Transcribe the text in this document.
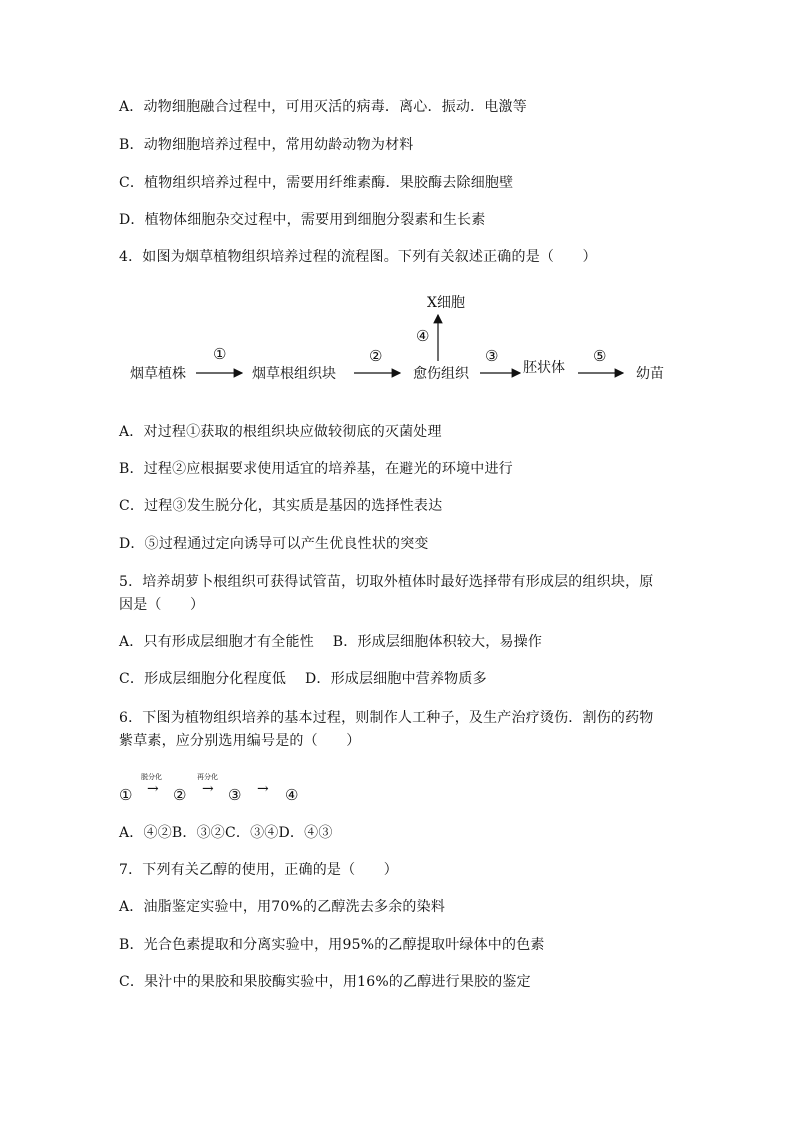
A．动物细胞融合过程中，可用灭活的病毒．离心．振动．电激等
B．动物细胞培养过程中，常用幼龄动物为材料
C．植物组织培养过程中，需要用纤维素酶．果胶酶去除细胞壁
D．植物体细胞杂交过程中，需要用到细胞分裂素和生长素
4．如图为烟草植物组织培养过程的流程图。下列有关叙述正确的是（　　）
烟草植株	烟草根组织块	愈伤组织	胚状体	幼苗
X细胞
①	②	③
④
⑤
A．对过程①获取的根组织块应做较彻底的灭菌处理
B．过程②应根据要求使用适宜的培养基，在避光的环境中进行
C．过程③发生脱分化，其实质是基因的选择性表达
D．⑤过程通过定向诱导可以产生优良性状的突变
5．培养胡萝卜根组织可获得试管苗，切取外植体时最好选择带有形成层的组织块，原
因是（　　）
A．只有形成层细胞才有全能性　 B．形成层细胞体积较大，易操作
C．形成层细胞分化程度低　 D．形成层细胞中营养物质多
6．下图为植物组织培养的基本过程，则制作人工种子，及生产治疗烫伤．割伤的药物
紫草素，应分别选用编号是的（　　）
脱分化	再分化
① → ② → ③ → ④
A．④②B．③②C．③④D．④③
7．下列有关乙醇的使用，正确的是（　　）
A．油脂鉴定实验中，用70%的乙醇洗去多余的染料
B．光合色素提取和分离实验中，用95%的乙醇提取叶绿体中的色素
C．果汁中的果胶和果胶酶实验中，用16%的乙醇进行果胶的鉴定
